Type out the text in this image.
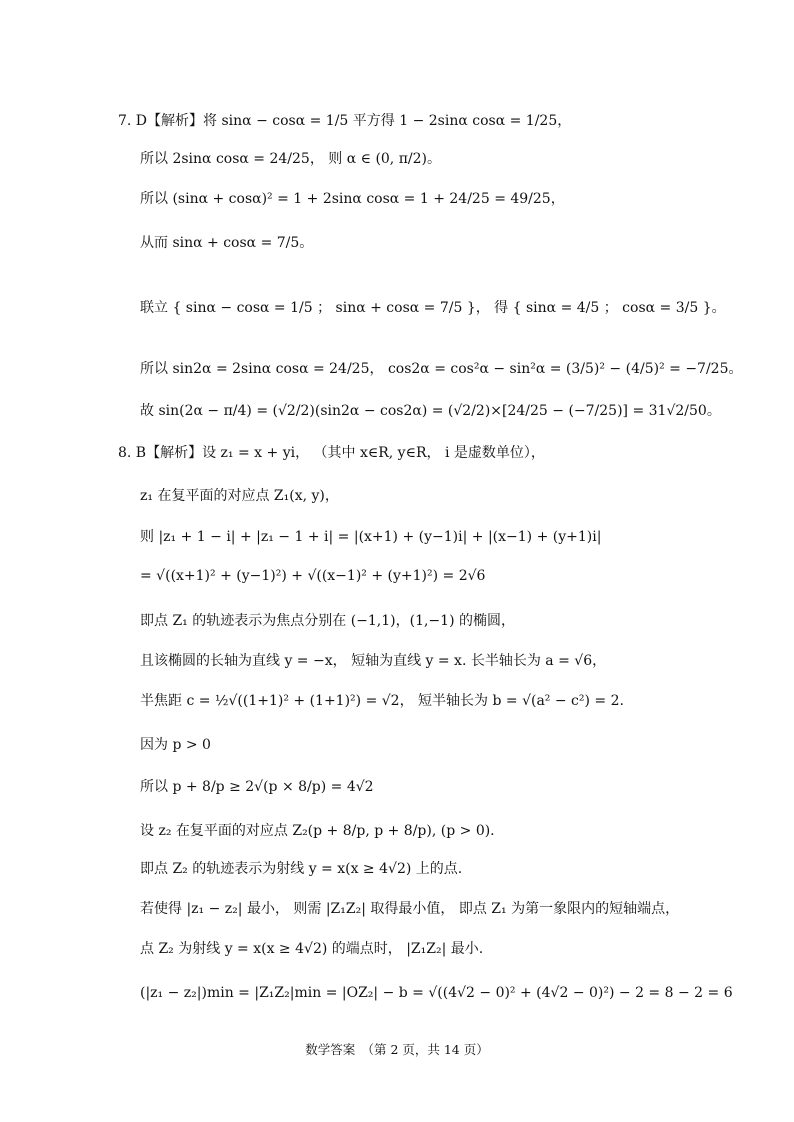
7. D【解析】将 sinα − cosα = 1/5 平方得 1 − 2sinα cosα = 1/25，
所以 2sinα cosα = 24/25， 则 α ∈ (0, π/2)。
所以 (sinα + cosα)² = 1 + 2sinα cosα = 1 + 24/25 = 49/25，
从而 sinα + cosα = 7/5。
联立 { sinα − cosα = 1/5 ； sinα + cosα = 7/5 }， 得 { sinα = 4/5 ； cosα = 3/5 }。
所以 sin2α = 2sinα cosα = 24/25， cos2α = cos²α − sin²α = (3/5)² − (4/5)² = −7/25。
故 sin(2α − π/4) = (√2/2)(sin2α − cos2α) = (√2/2)×[24/25 − (−7/25)] = 31√2/50。
8. B【解析】设 z₁ = x + yi， （其中 x∈R, y∈R， i 是虚数单位），
z₁ 在复平面的对应点 Z₁(x, y)，
则 |z₁ + 1 − i| + |z₁ − 1 + i| = |(x+1) + (y−1)i| + |(x−1) + (y+1)i|
= √((x+1)² + (y−1)²) + √((x−1)² + (y+1)²) = 2√6
即点 Z₁ 的轨迹表示为焦点分别在 (−1,1)，(1,−1) 的椭圆，
且该椭圆的长轴为直线 y = −x， 短轴为直线 y = x. 长半轴长为 a = √6，
半焦距 c = ½√((1+1)² + (1+1)²) = √2， 短半轴长为 b = √(a² − c²) = 2.
因为 p > 0
所以 p + 8/p ≥ 2√(p × 8/p) = 4√2
设 z₂ 在复平面的对应点 Z₂(p + 8/p, p + 8/p), (p > 0).
即点 Z₂ 的轨迹表示为射线 y = x(x ≥ 4√2) 上的点.
若使得 |z₁ − z₂| 最小， 则需 |Z₁Z₂| 取得最小值， 即点 Z₁ 为第一象限内的短轴端点，
点 Z₂ 为射线 y = x(x ≥ 4√2) 的端点时， |Z₁Z₂| 最小.
(|z₁ − z₂|)min = |Z₁Z₂|min = |OZ₂| − b = √((4√2 − 0)² + (4√2 − 0)²) − 2 = 8 − 2 = 6
数学答案　（第 2 页，共 14 页）
